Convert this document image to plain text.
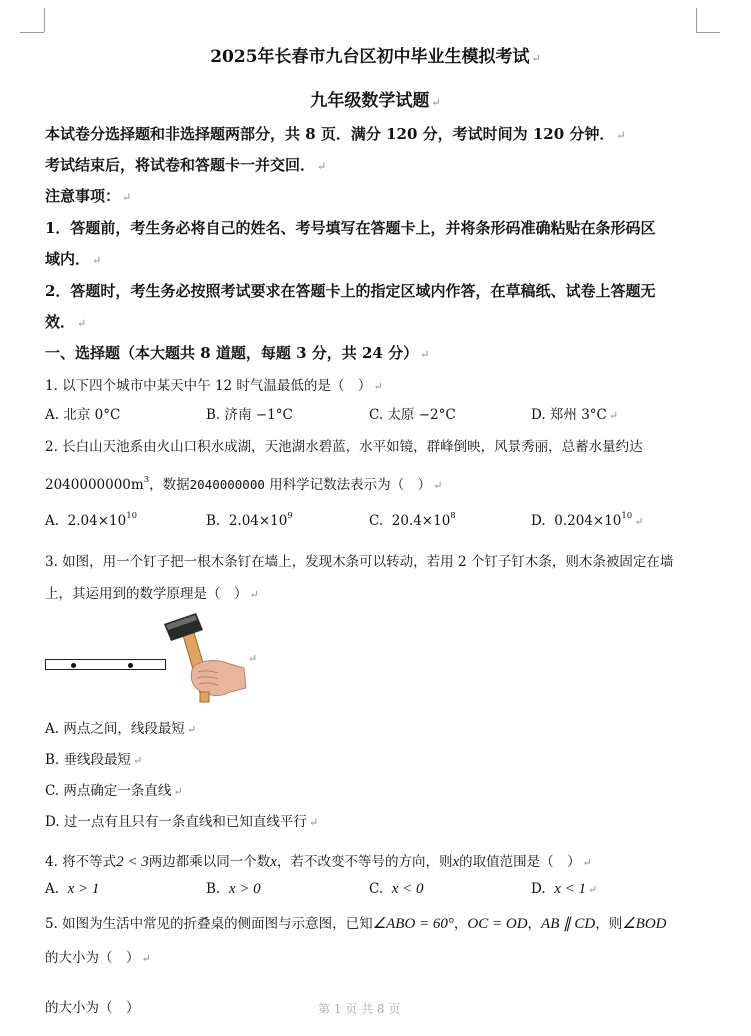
2025年长春市九台区初中毕业生模拟考试 ↵
九年级数学试题 ↵
本试卷分选择题和非选择题两部分，共 8 页．满分 120 分，考试时间为 120 分钟． ↵
考试结束后，将试卷和答题卡一并交回． ↵
注意事项： ↵
1．答题前，考生务必将自己的姓名、考号填写在答题卡上，并将条形码准确粘贴在条形码区
域内． ↵
2．答题时，考生务必按照考试要求在答题卡上的指定区域内作答，在草稿纸、试卷上答题无
效． ↵
一、选择题（本大题共 8 道题，每题 3 分，共 24 分） ↵
1. 以下四个城市中某天中午 12 时气温最低的是（　） ↵
A. 北京 0°C	B. 济南 −1°C	C. 太原 −2°C	D. 郑州 3°C ↵
2. 长白山天池系由火山口积水成湖，天池湖水碧蓝，水平如镜，群峰倒映，风景秀丽，总蓄水量约达
$2040000000m^3$，数据2040000000 用科学记数法表示为（　） ↵
A. $2.04\times 10^{10}$	B. $2.04\times 10^9$	C. $20.4\times 10^8$	D. $0.204\times 10^{10}$ ↵
3. 如图，用一个钉子把一根木条钉在墙上，发现木条可以转动，若用 2 个钉子钉木条，则木条被固定在墙
上，其运用到的数学原理是（　） ↵
↵
A. 两点之间，线段最短 ↵
B. 垂线段最短 ↵
C. 两点确定一条直线 ↵
D. 过一点有且只有一条直线和已知直线平行 ↵
4. 将不等式2 < 3两边都乘以同一个数x，若不改变不等号的方向，则x的取值范围是（　） ↵
A. x > 1	B. x > 0	C. x < 0	D. x < 1 ↵
5. 如图为生活中常见的折叠桌的侧面图与示意图，已知∠ABO = 60°，OC = OD，AB ∥ CD，则∠BOD
的大小为（　） ↵
的大小为（　）	第 1 页 共 8 页
